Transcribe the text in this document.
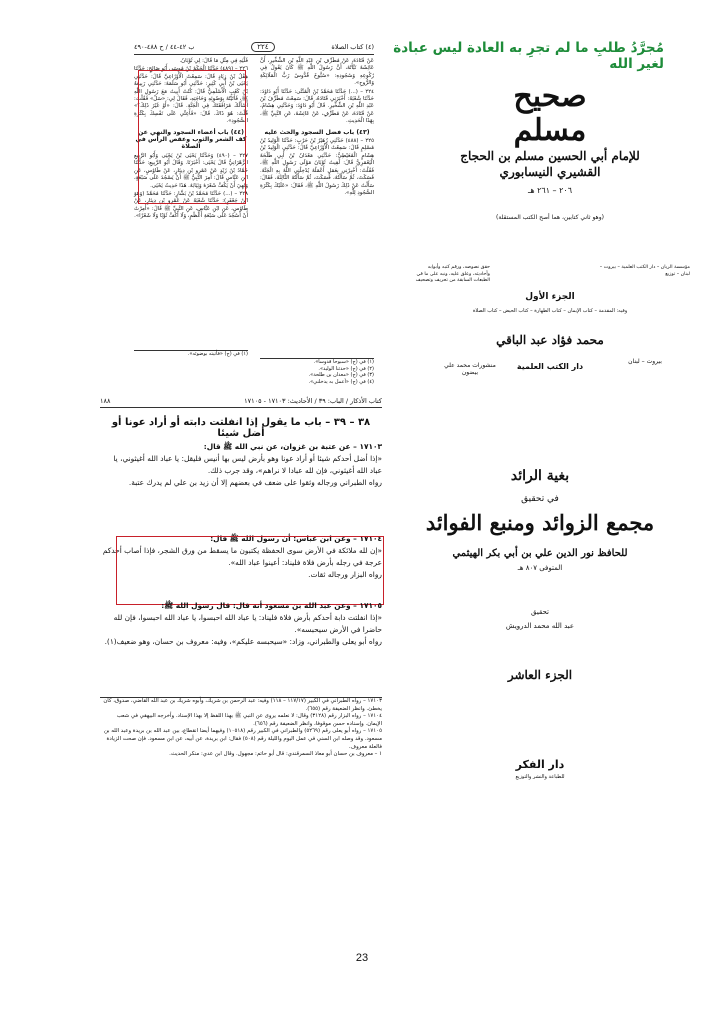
مُجرَّدُ طلبِ ما لم تجرِ به العادة ليس عبادة لغير الله
(٤) كتاب الصلاة
٢٢٤
ب ٤٢-٤٤ / ح ٤٨٨-٤٩٠

عَنْ قَتَادَةَ، عَنْ مُطَرِّفِ بْنِ عَبْدِ اللَّهِ بْنِ الشِّخِّيرِ، أَنَّ عَائِشَةَ نَبَّأَتْهُ، أَنَّ رَسُولَ اللَّهِ ﷺ كَانَ يَقُولُ فِي رُكُوعِهِ وَسُجُودِهِ: «سُبُّوحٌ قُدُّوسٌ رَبُّ الْمَلَائِكَةِ وَالرُّوحِ».

٢٢٤ – (...) حَدَّثَنَا مُحَمَّدُ بْنُ الْمُثَنَّى: حَدَّثَنَا أَبُو دَاوُدَ: حَدَّثَنَا شُعْبَةُ: أَخْبَرَنِي قَتَادَةُ، قَالَ: سَمِعْتُ مُطَرِّفَ بْنَ عَبْدِ اللَّهِ بْنِ الشِّخِّيرِ. قَالَ أَبُو دَاوُدَ: وَحَدَّثَنِي هِشَامٌ، عَنْ قَتَادَةَ، عَنْ مُطَرِّفٍ، عَنْ عَائِشَةَ، عَنِ النَّبِيِّ ﷺ، بِهَذَا الْحَدِيثِ.

(٤٣) باب فضل السجود والحث عليه

٢٢٥ – (٤٨٨) حَدَّثَنِي زُهَيْرُ بْنُ حَرْبٍ: حَدَّثَنَا الْوَلِيدُ بْنُ مُسْلِمٍ قَالَ: سَمِعْتُ الْأَوْزَاعِيَّ قَالَ: حَدَّثَنِي الْوَلِيدُ بْنُ هِشَامٍ الْمُعَيْطِيُّ: حَدَّثَنِي مَعْدَانُ بْنُ أَبِي طَلْحَةَ الْيَعْمَرِيُّ قَالَ: لَقِيتُ ثَوْبَانَ مَوْلَى رَسُولِ اللَّهِ ﷺ، فَقُلْتُ: أَخْبِرْنِي بِعَمَلٍ أَعْمَلُهُ يُدْخِلُنِي اللَّهُ بِهِ الْجَنَّةَ. فَسَكَتَ، ثُمَّ سَأَلْتُهُ، فَسَكَتَ، ثُمَّ سَأَلْتُهُ الثَّالِثَةَ، فَقَالَ: سَأَلْتُ عَنْ ذَلِكَ رَسُولَ اللَّهِ ﷺ، فَقَالَ: «عَلَيْكَ بِكَثْرَةِ السُّجُودِ لِلَّهِ».

فَلْيَهِ فِي مِثْلِ مَا قَالَ: لِي ثَوْبَانُ.

٢٢٦ – (٤٨٩) حَدَّثَنَا الْحَكَمُ بْنُ مُوسَى أَبُو صَالِحٍ: حَدَّثَنَا هِقْلُ بْنُ زِيَادٍ قَالَ: سَمِعْتُ الْأَوْزَاعِيَّ قَالَ: حَدَّثَنِي يَحْيَى بْنُ أَبِي كَثِيرٍ: حَدَّثَنِي أَبُو سَلَمَةَ: حَدَّثَنِي رَبِيعَةُ بْنُ كَعْبٍ الْأَسْلَمِيُّ قَالَ: كُنْتُ أَبِيتُ مَعَ رَسُولِ اللَّهِ ﷺ، فَأَتَيْتُهُ بِوَضُوئِهِ وَحَاجَتِهِ، فَقَالَ لِي: «سَلْ» فَقُلْتُ: أَسْأَلُكَ مُرَافَقَتَكَ فِي الْجَنَّةِ. قَالَ: «أَوْ غَيْرَ ذَلِكَ؟» قُلْتُ: هُوَ ذَاكَ. قَالَ: «فَأَعِنِّي عَلَى نَفْسِكَ بِكَثْرَةِ السُّجُودِ».

(٤٤) باب أعضاء السجود والنهي عن كف الشعر والثوب وعقص الرأس في الصلاة

٢٢٧ – (٤٩٠) وَحَدَّثَنَا يَحْيَى بْنُ يَحْيَى وَأَبُو الرَّبِيعِ الزَّهْرَانِيُّ قَالَ يَحْيَى: أَخْبَرَنَا. وَقَالَ أَبُو الرَّبِيعِ: حَدَّثَنَا حَمَّادُ بْنُ زَيْدٍ عَنْ عَمْرِو بْنِ دِينَارٍ، عَنْ طَاوُسٍ، عَنِ ابْنِ عَبَّاسٍ قَالَ: أُمِرَ النَّبِيُّ ﷺ أَنْ يَسْجُدَ عَلَى سَبْعَةٍ، وَنُهِيَ أَنْ يَكُفَّ شَعْرَهُ وَثِيَابَهُ. هَذَا حَدِيثُ يَحْيَى.

٢٢٨ – (...) حَدَّثَنَا مُحَمَّدُ بْنُ بَشَّارٍ: حَدَّثَنَا مُحَمَّدٌ (وَهُوَ ابْنُ جَعْفَرٍ): حَدَّثَنَا شُعْبَةُ عَنْ عَمْرِو بْنِ دِينَارٍ، عَنْ طَاوُسٍ، عَنِ ابْنِ عَبَّاسٍ، عَنِ النَّبِيِّ ﷺ قَالَ: «أُمِرْتُ أَنْ أَسْجُدَ عَلَى سَبْعَةِ أَعْظُمٍ، وَلَا أَكُفَّ ثَوْبًا وَلَا شَعْرًا».

(١) في (ج) «سبوحا قدوسا».
(٢) في (ج) «حدثنا الوليد».
(٣) في (ج) «معدان بن طلحة».
(٤) في (ج) «أعمل به يدخلني».
(١) في (ج) «فأتيته بوضوئه».
كتاب الأذكار / الباب: ٣٩ / الأحاديث: ١٧١٠٣ - ١٧١٠٥
١٨٨
٣٨ – ٣٩ – باب ما يقول إذا انفلتت دابته أو أراد عونا أو أضل شيئا
١٧١٠٣ – عن عتبة بن غزوان، عن نبي الله ﷺ قال:
«إذا أضل أحدكم شيئا أو أراد عونا وهو بأرض ليس بها أنيس فليقل: يا عباد الله أغيثوني، يا عباد الله أغيثوني، فإن لله عبادا لا نراهم»، وقد جرب ذلك.
رواه الطبراني ورجاله وثقوا على ضعف في بعضهم إلا أن زيد بن علي لم يدرك عتبة.
١٧١٠٤ – وعن ابن عباس: أن رسول الله ﷺ قال:
«إن لله ملائكة في الأرض سوى الحفظة يكتبون ما يسقط من ورق الشجر، فإذا أصاب أحدكم عرجة في رجله بأرض فلاة فليناد: أعينوا عباد الله».
رواه البزار ورجاله ثقات.
١٧١٠٥ – وعن عبد الله بن مسعود أنه قال: قال رسول الله ﷺ:
«إذا انفلتت دابة أحدكم بأرض فلاة فليناد: يا عباد الله احبسوا، يا عباد الله احبسوا، فإن لله حاضرا في الأرض سيحبسه».
رواه أبو يعلى والطبراني، وزاد: «سيحبسه عليكم»، وفيه: معروف بن حسان، وهو ضعيف(١).

١٧١٠٣ – رواه الطبراني في الكبير (١١٧/١٧ – ١١٨) وفيه: عبد الرحمن بن شريك، وأبوه شريك بن عبد الله القاضي، صدوق، كان يخطئ. وانظر الضعيفة رقم (٦٥٥).

١٧١٠٤ – رواه البزار رقم (٣١٢٨) وقال: لا نعلمه يروى عن النبي ﷺ بهذا اللفظ إلا بهذا الإسناد. وأخرجه البيهقي في شعب الإيمان. وإسناده حسن موقوفا، وانظر الضعيفة رقم (٦٥٦).

١٧١٠٥ – رواه أبو يعلى رقم (٥٢٦٩) والطبراني في الكبير رقم (١٠٥١٨) وفيهما أيضا انقطاع، بين عبد الله بن بريدة وعبد الله بن مسعود. وقد وصله ابن السني في عمل اليوم والليلة رقم (٥٠٨) فقال: ابن بريدة، عن أبيه، عن ابن مسعود. فإن صحت الزيادة فالعلة معروف.

١ – معروف بن حسان أبو معاذ السمرقندي: قال أبو حاتم: مجهول. وقال ابن عدي: منكر الحديث.

صحيح مسلم
للإمام أبي الحسين مسلم بن الحجاج القشيري النيسابوري
٢٠٦ – ٢٦١ هـ
(وهو ثاني كتابين، هما أصح الكتب المستقلة)
حقق نصوصه، ورقم كتبه وأبوابه وأحاديثه، وعلق عليه، ونبه على ما في الطبعات السابقة من تحريف وتصحيف
مؤسسة الريان – دار الكتب العلمية – بيروت – لبنان – توزيع
الجزء الأول
وفيه: المقدمة – كتاب الإيمان – كتاب الطهارة – كتاب الحيض – كتاب الصلاة
محمد فؤاد عبد الباقي
منشورات محمد علي بيضون
دار الكتب العلمية
بيروت – لبنان
بغية الرائد
في تحقيق
مجمع الزوائد ومنبع الفوائد
للحافظ نور الدين علي بن أبي بكر الهيثمي
المتوفى ٨٠٧ هـ
تحقيق
عبد الله محمد الدرويش
الجزء العاشر
دار الفكر
للطباعة والنشر والتوزيع
23
